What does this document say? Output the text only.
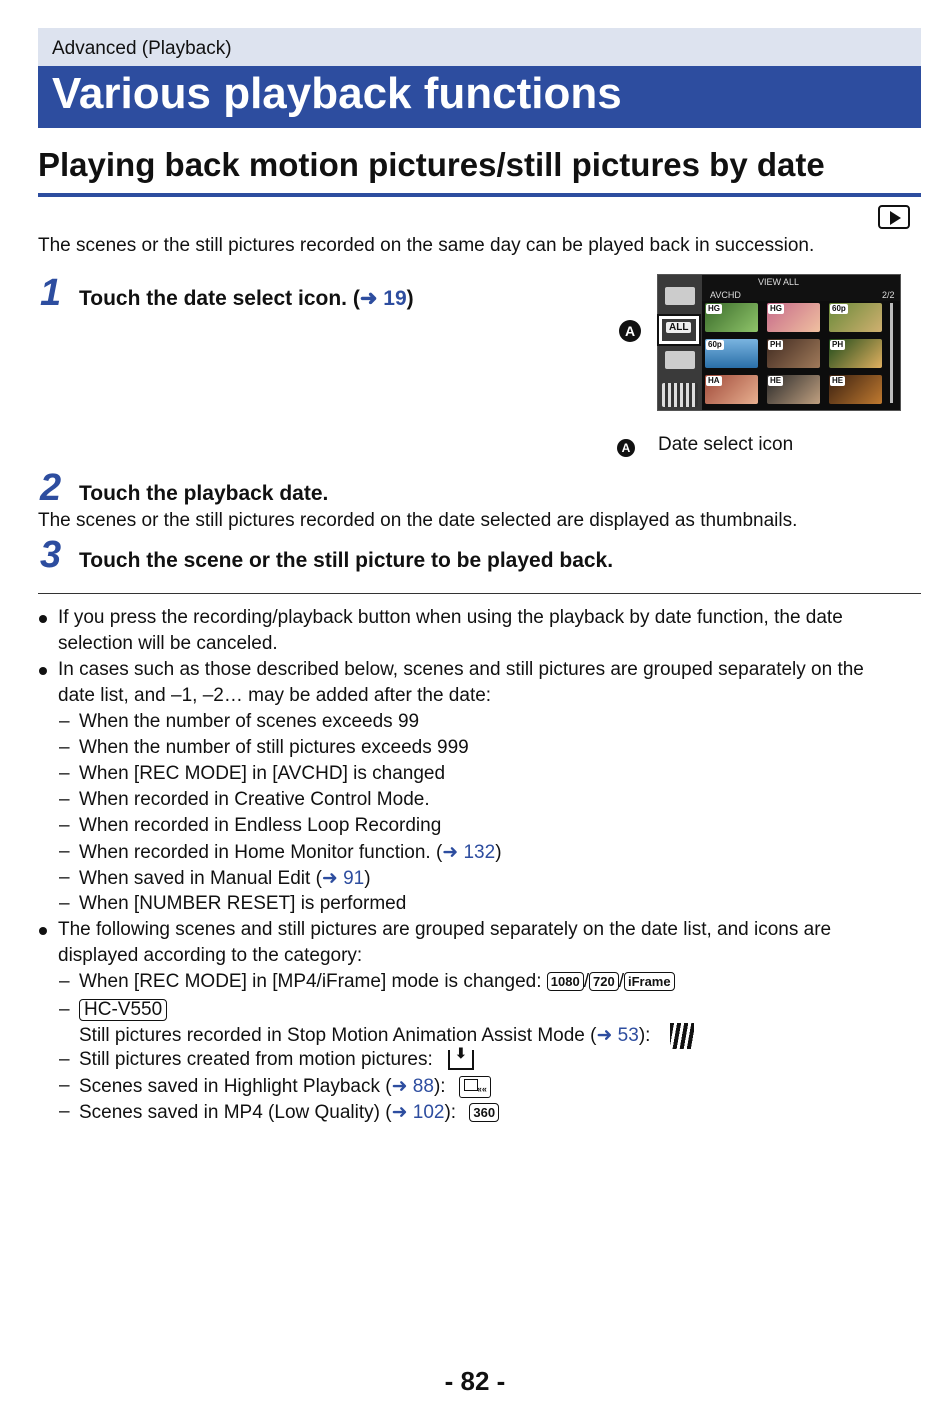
Advanced (Playback)
Various playback functions
Playing back motion pictures/still pictures by date
The scenes or the still pictures recorded on the same day can be played back in succession.
1 Touch the date select icon. (➜ 19)	AVCHD
VIEW ALL
2/2
HG	HG	60p
60p	PH	PH
HA	HE	HE
ALL
A
A Date select icon
2 Touch the playback date.
The scenes or the still pictures recorded on the date selected are displayed as thumbnails.
3 Touch the scene or the still picture to be played back.
If you press the recording/playback button when using the playback by date function, the date
selection will be canceled.
In cases such as those described below, scenes and still pictures are grouped separately on the
date list, and –1, –2… may be added after the date:
– When the number of scenes exceeds 99
– When the number of still pictures exceeds 999
– When [REC MODE] in [AVCHD] is changed
– When recorded in Creative Control Mode.
– When recorded in Endless Loop Recording
– When recorded in Home Monitor function. (➜ 132)
– When saved in Manual Edit (➜ 91)
– When [NUMBER RESET] is performed
The following scenes and still pictures are grouped separately on the date list, and icons are
displayed according to the category:
– When [REC MODE] in [MP4/iFrame] mode is changed: 1080 / 720 / iFrame
– HC-V550
Still pictures recorded in Stop Motion Animation Assist Mode (➜ 53):
– Still pictures created from motion pictures: ⬇
– Scenes saved in Highlight Playback (➜ 88):	««
– Scenes saved in MP4 (Low Quality) (➜ 102): 360
- 82 -
